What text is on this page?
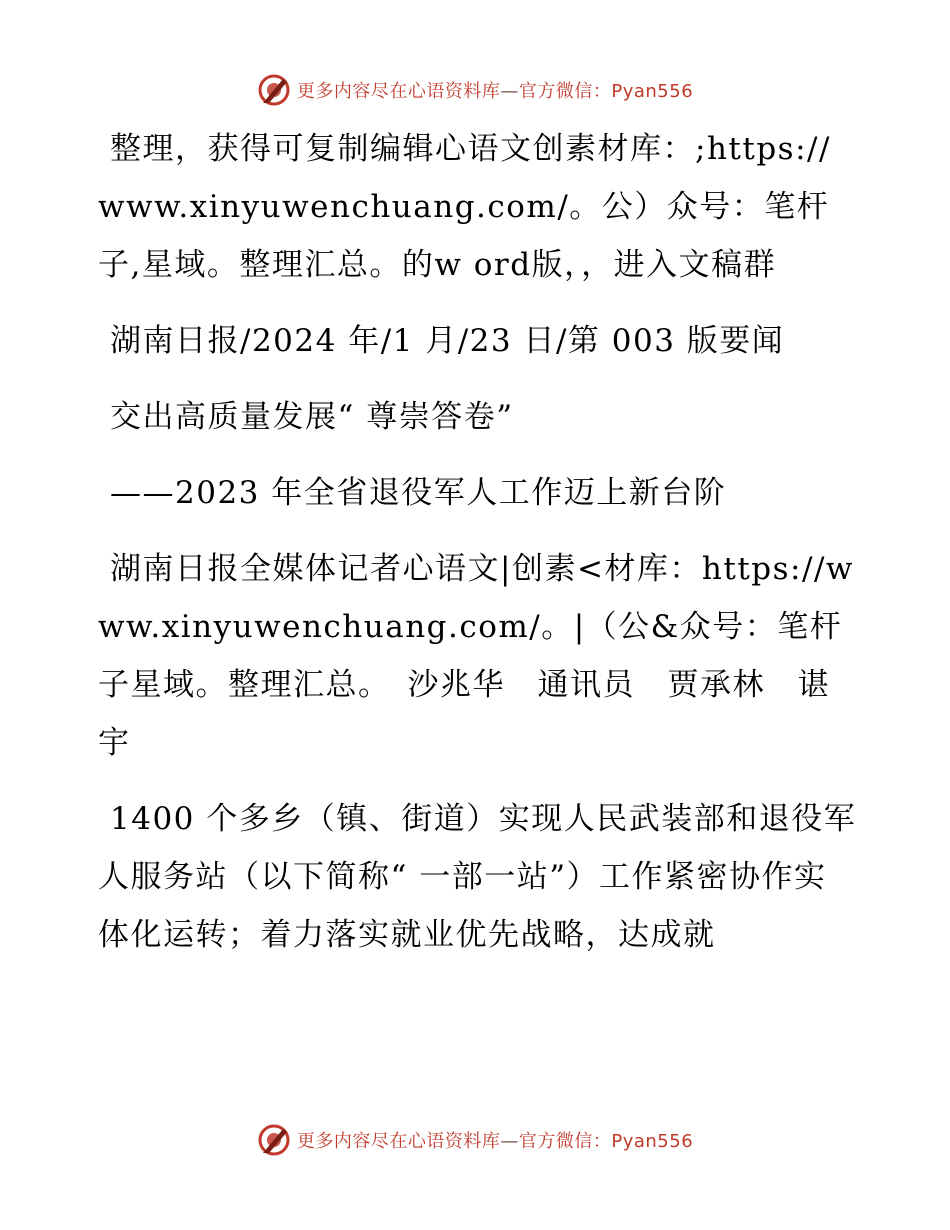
更多内容尽在心语资料库—官方微信：Pyan556

整理，获得可复制编辑心语文创素材库：;https://www.xinyuwenchuang.com/。公）众号：笔杆子,星域。整理汇总。的w ord版，，进入文稿群

湖南日报/2024 年/1 月/23 日/第 003 版要闻

交出高质量发展“ 尊崇答卷”

——2023 年全省退役军人工作迈上新台阶

湖南日报全媒体记者心语文|创素<材库：https://www.xinyuwenchuang.com/。|（公&众号：笔杆子星域。整理汇总。　沙兆华　通讯员　贾承林　谌宇

1400 个多乡（镇、街道）实现人民武装部和退役军人服务站（以下简称“ 一部一站”）工作紧密协作实体化运转；着力落实就业优先战略，达成就

更多内容尽在心语资料库—官方微信：Pyan556
